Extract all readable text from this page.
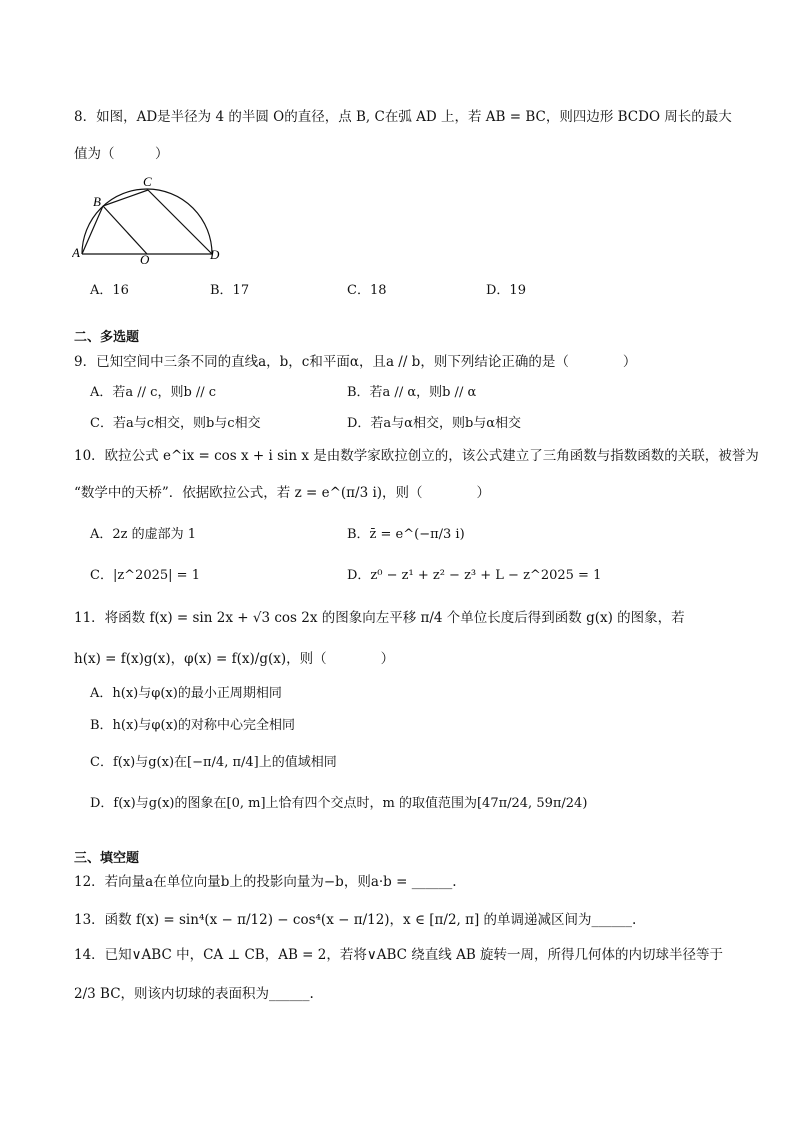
8．如图，AD是半径为 4 的半圆 O的直径，点 B, C在弧 AD 上，若 AB = BC，则四边形 BCDO 周长的最大
值为（　　　）
A
B
C
D
O
A．16	B．17	C．18	D．19
二、多选题
9．已知空间中三条不同的直线a，b，c和平面α，且a // b，则下列结论正确的是（　　　　）
A．若a // c，则b // c	B．若a // α，则b // α
C．若a与c相交，则b与c相交	D．若a与α相交，则b与α相交
10．欧拉公式 e^ix = cos x + i sin x 是由数学家欧拉创立的，该公式建立了三角函数与指数函数的关联，被誉为
“数学中的天桥”．依据欧拉公式，若 z = e^(π/3 i)，则（　　　　）
A．2z 的虚部为 1	B．z̄ = e^(−π/3 i)
C．|z^2025| = 1	D．z⁰ − z¹ + z² − z³ + L − z^2025 = 1
11．将函数 f(x) = sin 2x + √3 cos 2x 的图象向左平移 π/4 个单位长度后得到函数 g(x) 的图象，若
h(x) = f(x)g(x)，φ(x) = f(x)/g(x)，则（　　　　）
A．h(x)与φ(x)的最小正周期相同
B．h(x)与φ(x)的对称中心完全相同
C．f(x)与g(x)在[−π/4, π/4]上的值域相同
D．f(x)与g(x)的图象在[0, m]上恰有四个交点时，m 的取值范围为[47π/24, 59π/24)
三、填空题
12．若向量a在单位向量b上的投影向量为−b，则a·b = ______.
13．函数 f(x) = sin⁴(x − π/12) − cos⁴(x − π/12)，x ∈ [π/2, π] 的单调递减区间为______.
14．已知∨ABC 中，CA ⊥ CB，AB = 2，若将∨ABC 绕直线 AB 旋转一周，所得几何体的内切球半径等于
2/3 BC，则该内切球的表面积为______.
